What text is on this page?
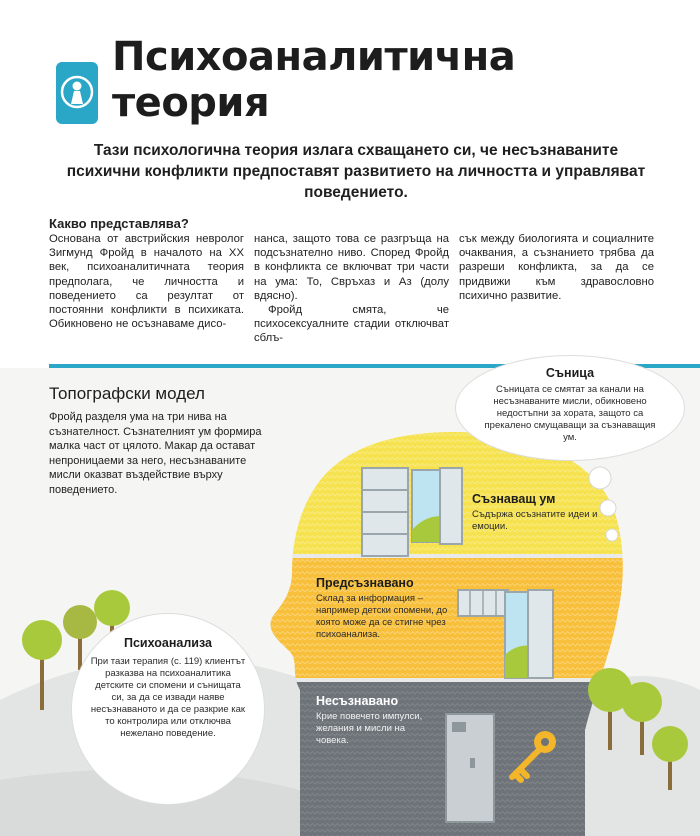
Психоаналитична
теория

Тази психологична теория излага схващането си, че несъзнаваните психични конфликти предпоставят развитието на личността и управляват поведението.

Какво представлява?

Основана от австрийския невролог Зигмунд Фройд в началото на XX век, психоаналитичната теория предполага, че личността и поведението са резултат от постоянни конфликти в психиката. Обикновено не осъзнаваме дисо-

нанса, защото това се разгръща на подсъзнателно ниво. Според Фройд в конфликта се включват три части на ума: То, Свръхаз и Аз (долу вдясно).

Фройд смята, че психосексуалните стадии отключват сблъ-

сък между биологията и социалните очаквания, а съзнанието трябва да разреши конфликта, за да се придвижи към здравословно психично развитие.

Топографски модел

Фройд разделя ума на три нива на съзнателност. Съзнателният ум формира малка част от цялото. Макар да остават непроницаеми за него, несъзнаваните мисли оказват въздействие върху поведението.

Съница

Съницата се смятат за канали на несъзнаваните мисли, обикновено недостъпни за хората, защото са прекалено смущаващи за съзнаващия ум.

Съзнаващ ум

Съдържа осъзнатите идеи и емоции.

Предсъзнавано

Склад за информация – например детски спомени, до която може да се стигне чрез психоанализа.

Несъзнавано

Крие повечето импулси, желания и мисли на човека.

Психоанализа

При тази терапия (с. 119) клиентът разказва на психоаналитика детските си спомени и сънищата си, за да се извади наяве несъзнаваното и да се разкрие как то контролира или отключва нежелано поведение.
